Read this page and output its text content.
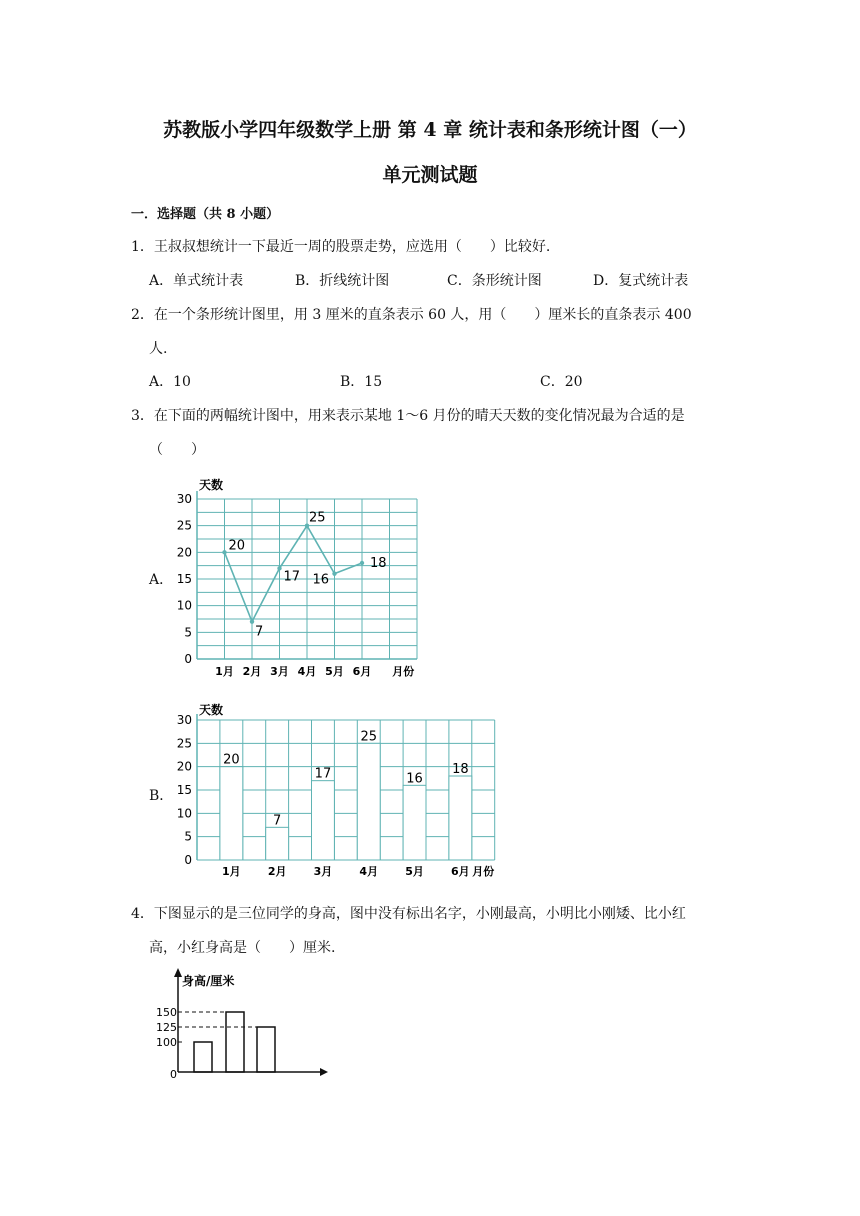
苏教版小学四年级数学上册 第 4 章 统计表和条形统计图（一）
单元测试题
一．选择题（共 8 小题）
1．王叔叔想统计一下最近一周的股票走势，应选用（　　）比较好.
A．单式统计表	B．折线统计图	C．条形统计图	D．复式统计表
2．在一个条形统计图里，用 3 厘米的直条表示 60 人，用（　　）厘米长的直条表示 400
人.
A．10	B．15	C．20
3．在下面的两幅统计图中，用来表示某地 1～6 月份的晴天天数的变化情况最为合适的是
（　　）
A．
天数
0
5
10
15
20
25
30
1月 2月 3月 4月 5月 6月 月份
20
7
17
25
16
18
B．
天数
0
5
10
15
20
25
30
20
1月
7
2月
17
3月
25
4月
16
5月
18
6月 月份
4．下图显示的是三位同学的身高，图中没有标出名字，小刚最高，小明比小刚矮、比小红
高，小红身高是（　　）厘米.
身高/厘米
0
100
125
150
